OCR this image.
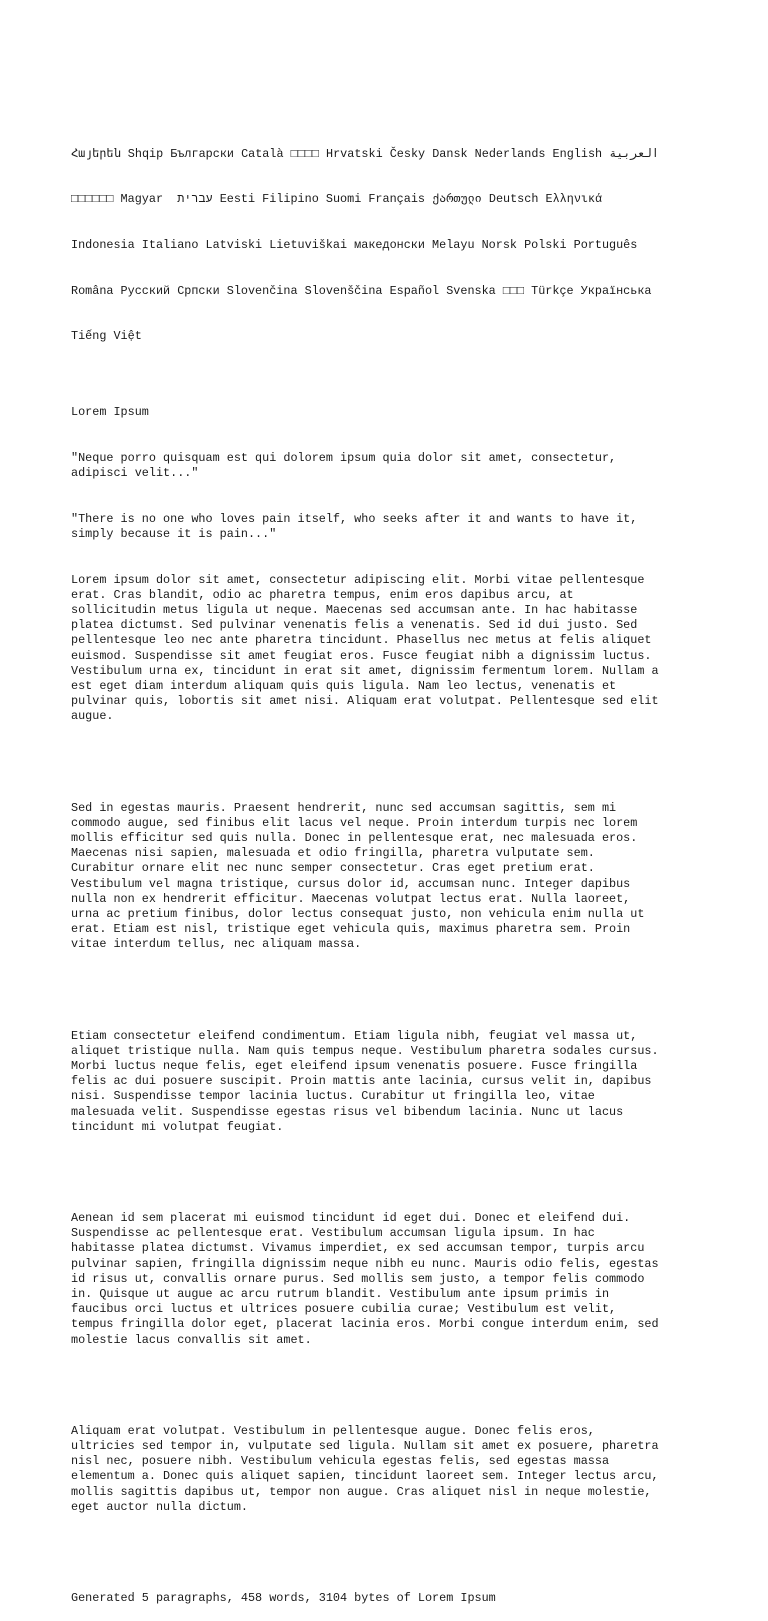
Հայերեն Shqip Български Català □□□□ Hrvatski Česky Dansk Nederlands English العربية

□□□□□□ Magyar  עברית Eesti Filipino Suomi Français ქართული Deutsch Ελληνικά

Indonesia Italiano Latviski Lietuviškai македонски Melayu Norsk Polski Português

Româna Pусский Српски Slovenčina Slovenščina Español Svenska □□□ Türkçe Українська

Tiếng Việt

Lorem Ipsum

"Neque porro quisquam est qui dolorem ipsum quia dolor sit amet, consectetur,
adipisci velit..."

"There is no one who loves pain itself, who seeks after it and wants to have it,
simply because it is pain..."

Lorem ipsum dolor sit amet, consectetur adipiscing elit. Morbi vitae pellentesque
erat. Cras blandit, odio ac pharetra tempus, enim eros dapibus arcu, at
sollicitudin metus ligula ut neque. Maecenas sed accumsan ante. In hac habitasse
platea dictumst. Sed pulvinar venenatis felis a venenatis. Sed id dui justo. Sed
pellentesque leo nec ante pharetra tincidunt. Phasellus nec metus at felis aliquet
euismod. Suspendisse sit amet feugiat eros. Fusce feugiat nibh a dignissim luctus.
Vestibulum urna ex, tincidunt in erat sit amet, dignissim fermentum lorem. Nullam a
est eget diam interdum aliquam quis quis ligula. Nam leo lectus, venenatis et
pulvinar quis, lobortis sit amet nisi. Aliquam erat volutpat. Pellentesque sed elit
augue.

Sed in egestas mauris. Praesent hendrerit, nunc sed accumsan sagittis, sem mi
commodo augue, sed finibus elit lacus vel neque. Proin interdum turpis nec lorem
mollis efficitur sed quis nulla. Donec in pellentesque erat, nec malesuada eros.
Maecenas nisi sapien, malesuada et odio fringilla, pharetra vulputate sem.
Curabitur ornare elit nec nunc semper consectetur. Cras eget pretium erat.
Vestibulum vel magna tristique, cursus dolor id, accumsan nunc. Integer dapibus
nulla non ex hendrerit efficitur. Maecenas volutpat lectus erat. Nulla laoreet,
urna ac pretium finibus, dolor lectus consequat justo, non vehicula enim nulla ut
erat. Etiam est nisl, tristique eget vehicula quis, maximus pharetra sem. Proin
vitae interdum tellus, nec aliquam massa.

Etiam consectetur eleifend condimentum. Etiam ligula nibh, feugiat vel massa ut,
aliquet tristique nulla. Nam quis tempus neque. Vestibulum pharetra sodales cursus.
Morbi luctus neque felis, eget eleifend ipsum venenatis posuere. Fusce fringilla
felis ac dui posuere suscipit. Proin mattis ante lacinia, cursus velit in, dapibus
nisi. Suspendisse tempor lacinia luctus. Curabitur ut fringilla leo, vitae
malesuada velit. Suspendisse egestas risus vel bibendum lacinia. Nunc ut lacus
tincidunt mi volutpat feugiat.

Aenean id sem placerat mi euismod tincidunt id eget dui. Donec et eleifend dui.
Suspendisse ac pellentesque erat. Vestibulum accumsan ligula ipsum. In hac
habitasse platea dictumst. Vivamus imperdiet, ex sed accumsan tempor, turpis arcu
pulvinar sapien, fringilla dignissim neque nibh eu nunc. Mauris odio felis, egestas
id risus ut, convallis ornare purus. Sed mollis sem justo, a tempor felis commodo
in. Quisque ut augue ac arcu rutrum blandit. Vestibulum ante ipsum primis in
faucibus orci luctus et ultrices posuere cubilia curae; Vestibulum est velit,
tempus fringilla dolor eget, placerat lacinia eros. Morbi congue interdum enim, sed
molestie lacus convallis sit amet.

Aliquam erat volutpat. Vestibulum in pellentesque augue. Donec felis eros,
ultricies sed tempor in, vulputate sed ligula. Nullam sit amet ex posuere, pharetra
nisl nec, posuere nibh. Vestibulum vehicula egestas felis, sed egestas massa
elementum a. Donec quis aliquet sapien, tincidunt laoreet sem. Integer lectus arcu,
mollis sagittis dapibus ut, tempor non augue. Cras aliquet nisl in neque molestie,
eget auctor nulla dictum.

Generated 5 paragraphs, 458 words, 3104 bytes of Lorem Ipsum
